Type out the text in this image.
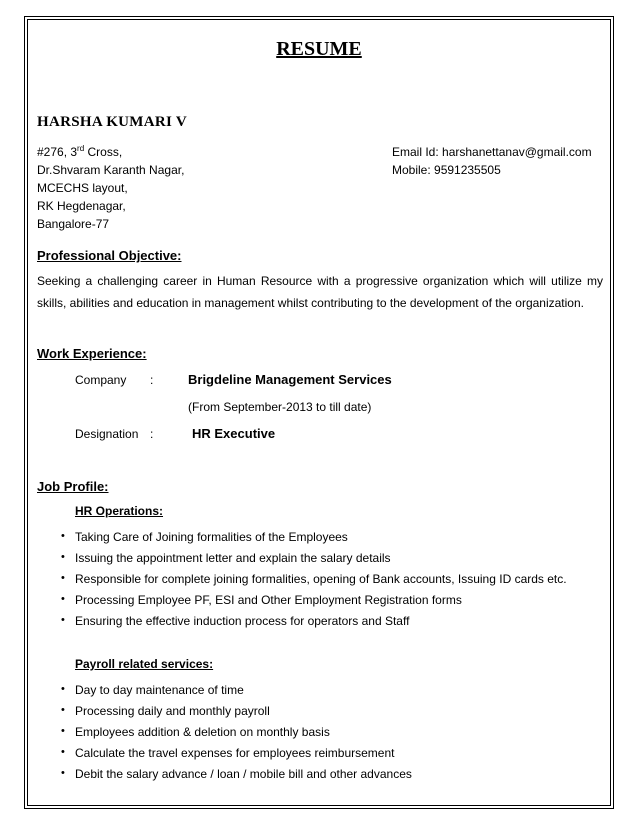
RESUME
HARSHA KUMARI V
#276, 3rd Cross,
Dr.Shvaram Karanth Nagar,
MCECHS layout,
RK Hegdenagar,
Bangalore-77
Email Id: harshanettanav@gmail.com
Mobile: 9591235505
Professional Objective:
Seeking a challenging career in Human Resource with a progressive organization which will utilize my skills, abilities and education in management whilst contributing to the development of the organization.
Work Experience:
Company :	Brigdeline Management Services
(From September-2013 to till date)
Designation :	HR Executive
Job Profile:
HR Operations:
• Taking Care of Joining formalities of the Employees
• Issuing the appointment letter and explain the salary details
• Responsible for complete joining formalities, opening of Bank accounts, Issuing ID cards etc.
• Processing Employee PF, ESI and Other Employment Registration forms
• Ensuring the effective induction process for operators and Staff
Payroll related services:
• Day to day maintenance of time
• Processing daily and monthly payroll
• Employees addition & deletion on monthly basis
• Calculate the travel expenses for employees reimbursement
• Debit the salary advance / loan / mobile bill and other advances
